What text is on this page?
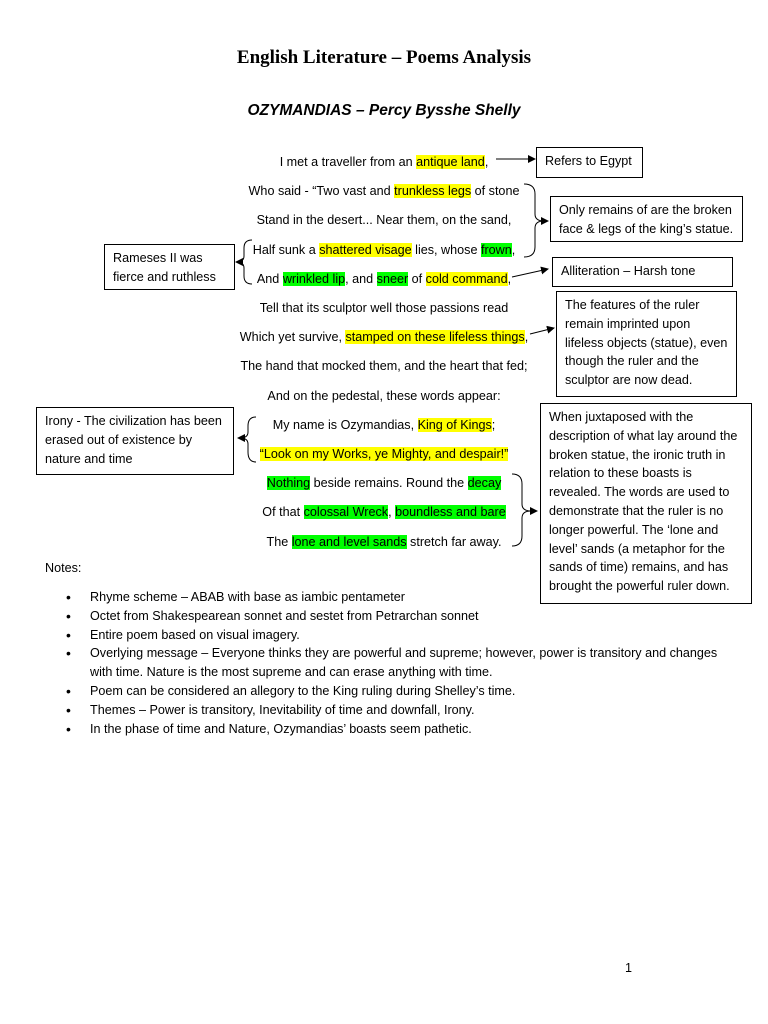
English Literature – Poems Analysis
OZYMANDIAS – Percy Bysshe Shelly
I met a traveller from an antique land,
Who said - “Two vast and trunkless legs of stone
Stand in the desert... Near them, on the sand,
Half sunk a shattered visage lies, whose frown,
And wrinkled lip, and sneer of cold command,
Tell that its sculptor well those passions read
Which yet survive, stamped on these lifeless things,
The hand that mocked them, and the heart that fed;
And on the pedestal, these words appear:
My name is Ozymandias, King of Kings;
“Look on my Works, ye Mighty, and despair!”
Nothing beside remains. Round the decay
Of that colossal Wreck, boundless and bare
The lone and level sands stretch far away.
Refers to Egypt
Only remains of are the broken face & legs of the king’s statue.
Rameses II was fierce and ruthless	Alliteration – Harsh tone
The features of the ruler remain imprinted upon lifeless objects (statue), even though the ruler and the sculptor are now dead.
Irony - The civilization has been erased out of existence by nature and time
When juxtaposed with the description of what lay around the broken statue, the ironic truth in relation to these boasts is revealed. The words are used to demonstrate that the ruler is no longer powerful. The ‘lone and level’ sands (a metaphor for the sands of time) remains, and has brought the powerful ruler down.
Notes:
• Rhyme scheme – ABAB with base as iambic pentameter
• Octet from Shakespearean sonnet and sestet from Petrarchan sonnet
• Entire poem based on visual imagery.
• Overlying message – Everyone thinks they are powerful and supreme; however, power is transitory and changes with time. Nature is the most supreme and can erase anything with time.
• Poem can be considered an allegory to the King ruling during Shelley’s time.
• Themes – Power is transitory, Inevitability of time and downfall, Irony.
• In the phase of time and Nature, Ozymandias’ boasts seem pathetic.
1
